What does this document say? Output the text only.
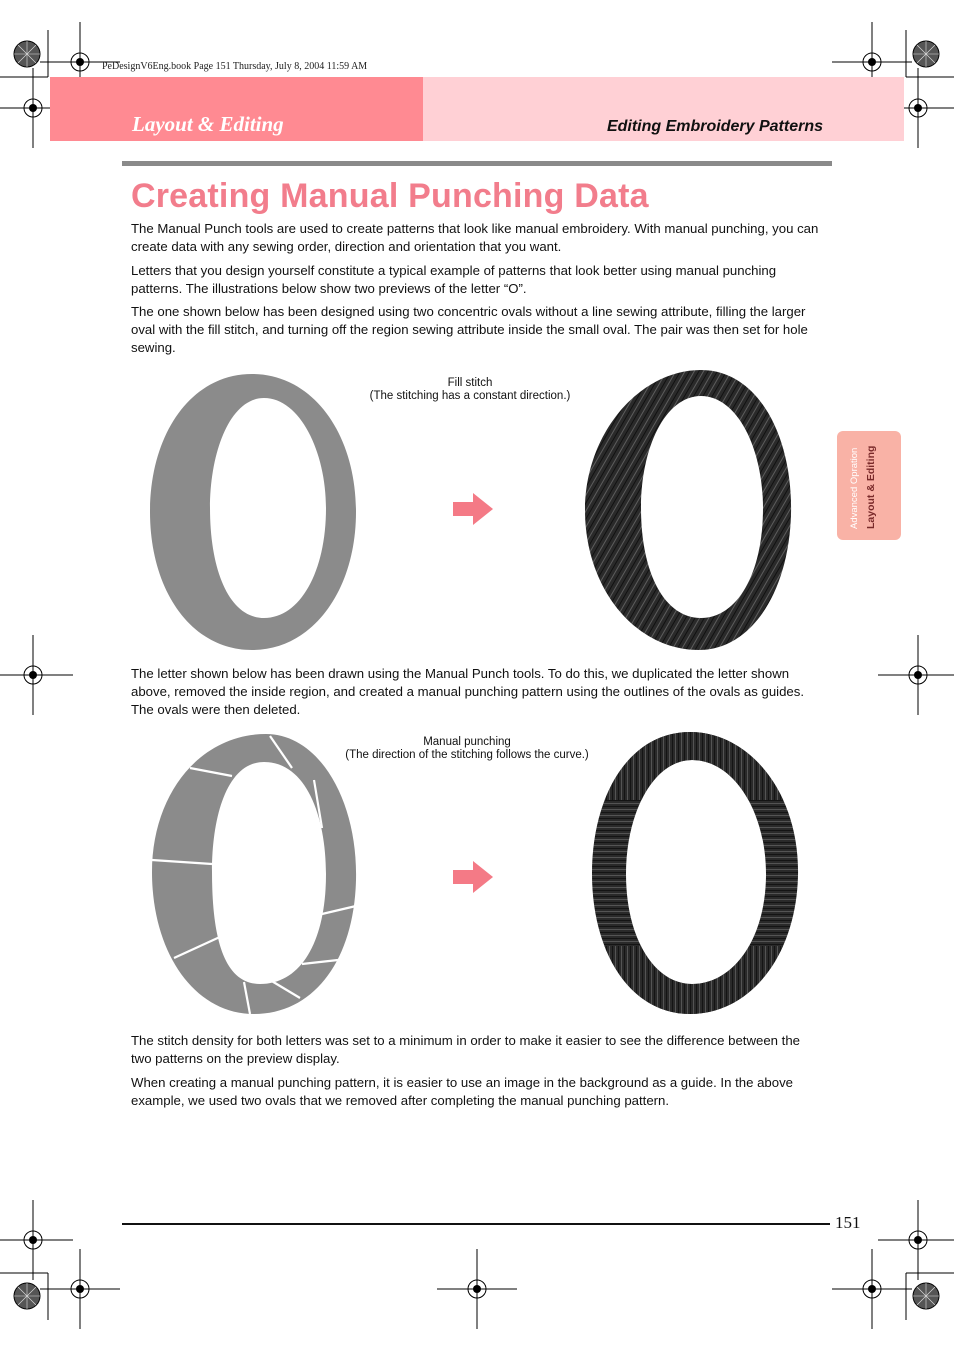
PeDesignV6Eng.book Page 151 Thursday, July 8, 2004 11:59 AM
Layout & Editing	Editing Embroidery Patterns
Creating Manual Punching Data

The Manual Punch tools are used to create patterns that look like manual embroidery. With manual punching, you can create data with any sewing order, direction and orientation that you want.

Letters that you design yourself constitute a typical example of patterns that look better using manual punching patterns. The illustrations below show two previews of the letter “O”.

The one shown below has been designed using two concentric ovals without a line sewing attribute, filling the larger oval with the fill stitch, and turning off the region sewing attribute inside the small oval. The pair was then set for hole sewing.

Fill stitch
(The stitching has a constant direction.)

The letter shown below has been drawn using the Manual Punch tools. To do this, we duplicated the letter shown above, removed the inside region, and created a manual punching pattern using the outlines of the ovals as guides. The ovals were then deleted.

Manual punching
(The direction of the stitching follows the curve.)

The stitch density for both letters was set to a minimum in order to make it easier to see the difference between the two patterns on the preview display.

When creating a manual punching pattern, it is easier to use an image in the background as a guide. In the above example, we used two ovals that we removed after completing the manual punching pattern.

Advanced Opration Layout & Editing
151
